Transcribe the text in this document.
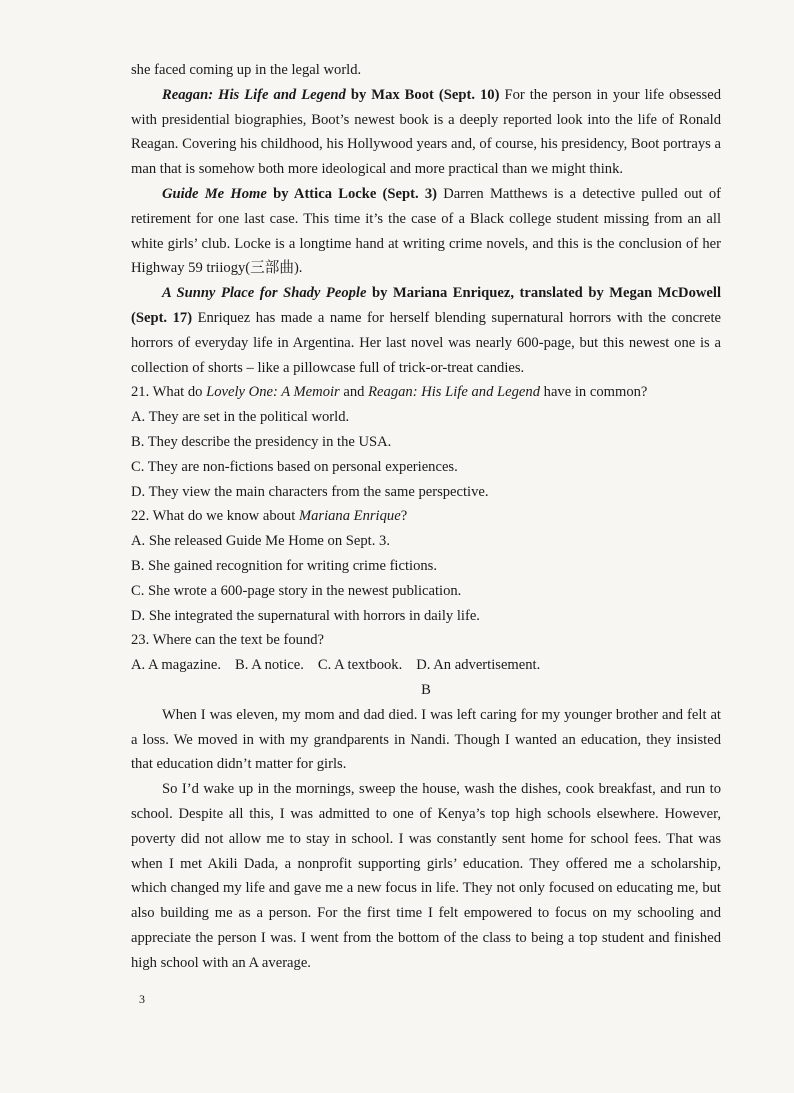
she faced coming up in the legal world.

Reagan: His Life and Legend by Max Boot (Sept. 10) For the person in your life obsessed with presidential biographies, Boot’s newest book is a deeply reported look into the life of Ronald Reagan. Covering his childhood, his Hollywood years and, of course, his presidency, Boot portrays a man that is somehow both more ideological and more practical than we might think.

Guide Me Home by Attica Locke (Sept. 3) Darren Matthews is a detective pulled out of retirement for one last case. This time it’s the case of a Black college student missing from an all white girls’ club. Locke is a longtime hand at writing crime novels, and this is the conclusion of her Highway 59 triiogy(三部曲).

A Sunny Place for Shady People by Mariana Enriquez, translated by Megan McDowell (Sept. 17) Enriquez has made a name for herself blending supernatural horrors with the concrete horrors of everyday life in Argentina. Her last novel was nearly 600-page, but this newest one is a collection of shorts – like a pillowcase full of trick-or-treat candies.

21. What do Lovely One: A Memoir and Reagan: His Life and Legend have in common?

A. They are set in the political world.

B. They describe the presidency in the USA.

C. They are non-fictions based on personal experiences.

D. They view the main characters from the same perspective.

22. What do we know about Mariana Enrique?

A. She released Guide Me Home on Sept. 3.

B. She gained recognition for writing crime fictions.

C. She wrote a 600-page story in the newest publication.

D. She integrated the supernatural with horrors in daily life.

23. Where can the text be found?

A. A magazine. B. A notice. C. A textbook. D. An advertisement.

B

When I was eleven, my mom and dad died. I was left caring for my younger brother and felt at a loss. We moved in with my grandparents in Nandi. Though I wanted an education, they insisted that education didn’t matter for girls.

So I’d wake up in the mornings, sweep the house, wash the dishes, cook breakfast, and run to school. Despite all this, I was admitted to one of Kenya’s top high schools elsewhere. However, poverty did not allow me to stay in school. I was constantly sent home for school fees. That was when I met Akili Dada, a nonprofit supporting girls’ education. They offered me a scholarship, which changed my life and gave me a new focus in life. They not only focused on educating me, but also building me as a person. For the first time I felt empowered to focus on my schooling and appreciate the person I was. I went from the bottom of the class to being a top student and finished high school with an A average.

3
